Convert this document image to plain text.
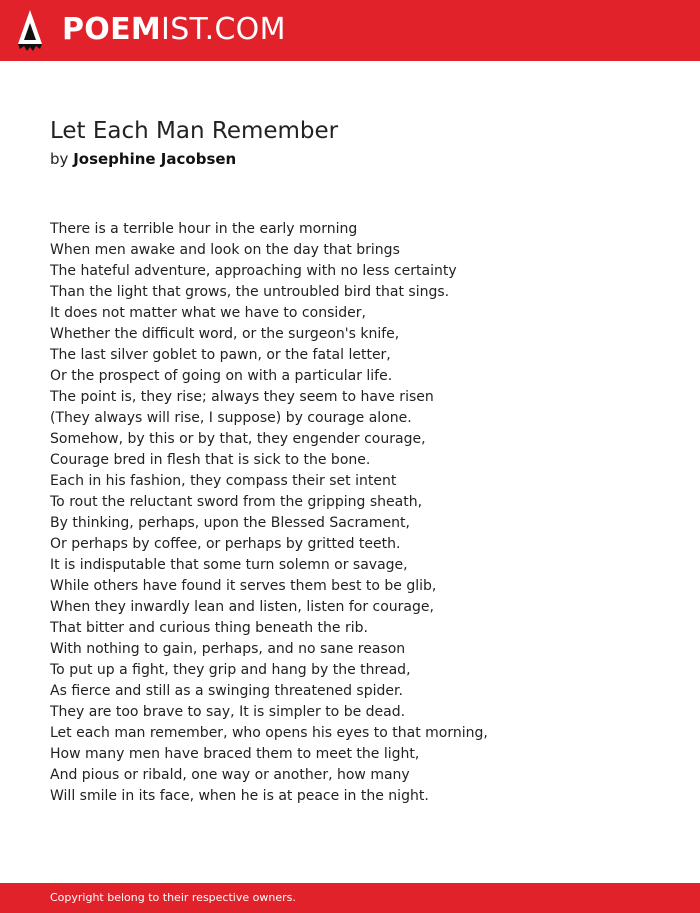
POEMIST.COM
Let Each Man Remember
by Josephine Jacobsen
There is a terrible hour in the early morning
When men awake and look on the day that brings
The hateful adventure, approaching with no less certainty
Than the light that grows, the untroubled bird that sings.
It does not matter what we have to consider,
Whether the difficult word, or the surgeon's knife,
The last silver goblet to pawn, or the fatal letter,
Or the prospect of going on with a particular life.
The point is, they rise; always they seem to have risen
(They always will rise, I suppose) by courage alone.
Somehow, by this or by that, they engender courage,
Courage bred in flesh that is sick to the bone.
Each in his fashion, they compass their set intent
To rout the reluctant sword from the gripping sheath,
By thinking, perhaps, upon the Blessed Sacrament,
Or perhaps by coffee, or perhaps by gritted teeth.
It is indisputable that some turn solemn or savage,
While others have found it serves them best to be glib,
When they inwardly lean and listen, listen for courage,
That bitter and curious thing beneath the rib.
With nothing to gain, perhaps, and no sane reason
To put up a fight, they grip and hang by the thread,
As fierce and still as a swinging threatened spider.
They are too brave to say, It is simpler to be dead.
Let each man remember, who opens his eyes to that morning,
How many men have braced them to meet the light,
And pious or ribald, one way or another, how many
Will smile in its face, when he is at peace in the night.
Copyright belong to their respective owners.
